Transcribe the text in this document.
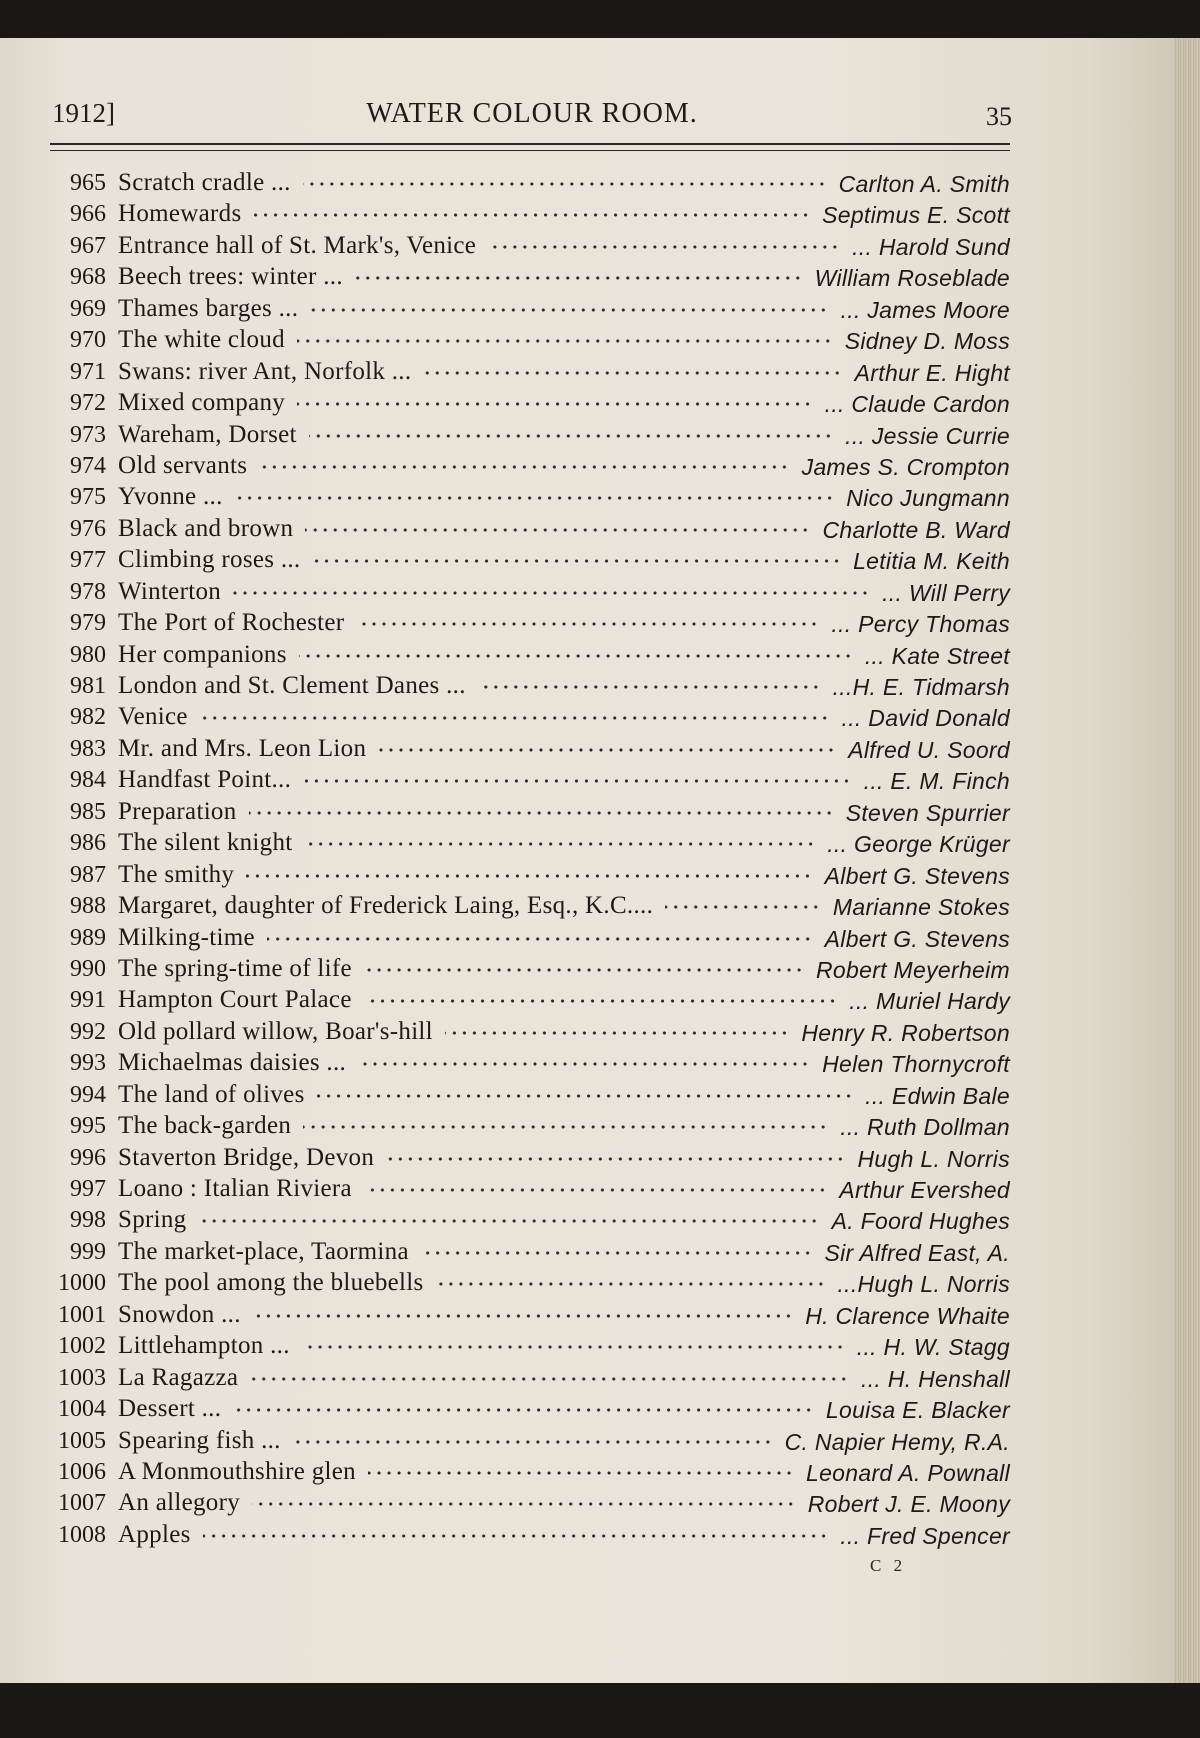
1912]	WATER COLOUR ROOM.	35
965 Scratch cradle ...	Carlton A. Smith
966 Homewards	Septimus E. Scott
967 Entrance hall of St. Mark's, Venice	... Harold Sund
968 Beech trees: winter ...	William Roseblade
969 Thames barges ...	... James Moore
970 The white cloud	Sidney D. Moss
971 Swans: river Ant, Norfolk ...	Arthur E. Hight
972 Mixed company	... Claude Cardon
973 Wareham, Dorset	... Jessie Currie
974 Old servants	James S. Crompton
975 Yvonne ...	Nico Jungmann
976 Black and brown	Charlotte B. Ward
977 Climbing roses ...	Letitia M. Keith
978 Winterton	... Will Perry
979 The Port of Rochester	... Percy Thomas
980 Her companions	... Kate Street
981 London and St. Clement Danes ...	...H. E. Tidmarsh
982 Venice	... David Donald
983 Mr. and Mrs. Leon Lion	Alfred U. Soord
984 Handfast Point...	... E. M. Finch
985 Preparation	Steven Spurrier
986 The silent knight	... George Krüger
987 The smithy	Albert G. Stevens
988 Margaret, daughter of Frederick Laing, Esq., K.C....	Marianne Stokes
989 Milking-time	Albert G. Stevens
990 The spring-time of life	Robert Meyerheim
991 Hampton Court Palace	... Muriel Hardy
992 Old pollard willow, Boar's-hill	Henry R. Robertson
993 Michaelmas daisies ...	Helen Thornycroft
994 The land of olives	... Edwin Bale
995 The back-garden	... Ruth Dollman
996 Staverton Bridge, Devon	Hugh L. Norris
997 Loano : Italian Riviera	Arthur Evershed
998 Spring	A. Foord Hughes
999 The market-place, Taormina	Sir Alfred East, A.
1000 The pool among the bluebells	...Hugh L. Norris
1001 Snowdon ...	H. Clarence Whaite
1002 Littlehampton ...	... H. W. Stagg
1003 La Ragazza	... H. Henshall
1004 Dessert ...	Louisa E. Blacker
1005 Spearing fish ...	C. Napier Hemy, R.A.
1006 A Monmouthshire glen	Leonard A. Pownall
1007 An allegory	Robert J. E. Moony
1008 Apples	... Fred Spencer
C 2
